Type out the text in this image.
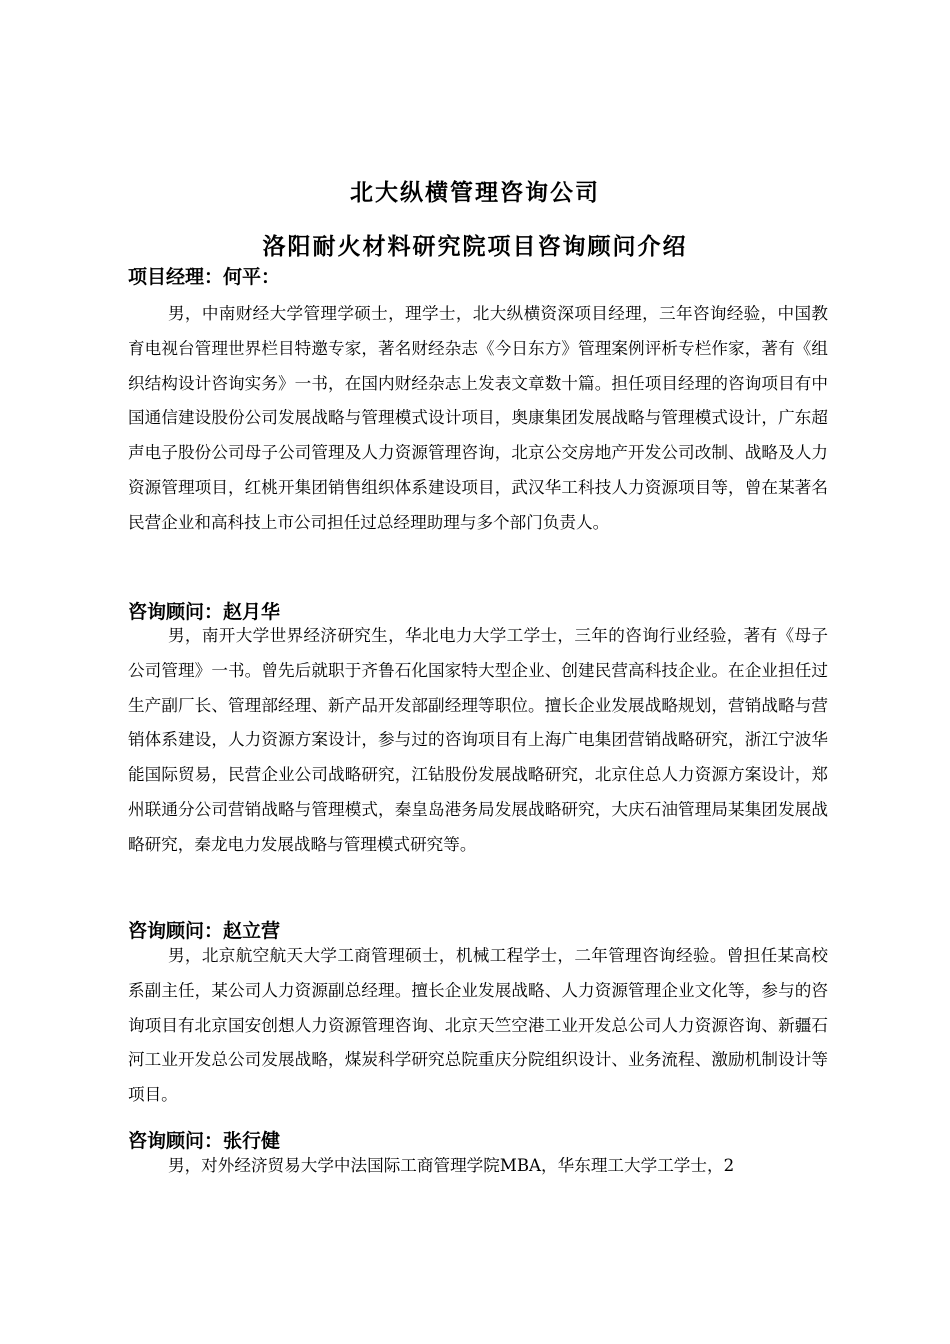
北大纵横管理咨询公司
洛阳耐火材料研究院项目咨询顾问介绍
项目经理：何平：

男，中南财经大学管理学硕士，理学士，北大纵横资深项目经理，三年咨询经验，中国教育电视台管理世界栏目特邀专家，著名财经杂志《今日东方》管理案例评析专栏作家，著有《组织结构设计咨询实务》一书，在国内财经杂志上发表文章数十篇。担任项目经理的咨询项目有中国通信建设股份公司发展战略与管理模式设计项目，奥康集团发展战略与管理模式设计，广东超声电子股份公司母子公司管理及人力资源管理咨询，北京公交房地产开发公司改制、战略及人力资源管理项目，红桃开集团销售组织体系建设项目，武汉华工科技人力资源项目等，曾在某著名民营企业和高科技上市公司担任过总经理助理与多个部门负责人。

咨询顾问：赵月华

男，南开大学世界经济研究生，华北电力大学工学士，三年的咨询行业经验，著有《母子公司管理》一书。曾先后就职于齐鲁石化国家特大型企业、创建民营高科技企业。在企业担任过生产副厂长、管理部经理、新产品开发部副经理等职位。擅长企业发展战略规划，营销战略与营销体系建设，人力资源方案设计，参与过的咨询项目有上海广电集团营销战略研究，浙江宁波华能国际贸易，民营企业公司战略研究，江钻股份发展战略研究，北京住总人力资源方案设计，郑州联通分公司营销战略与管理模式，秦皇岛港务局发展战略研究，大庆石油管理局某集团发展战略研究，秦龙电力发展战略与管理模式研究等。

咨询顾问：赵立营

男，北京航空航天大学工商管理硕士，机械工程学士，二年管理咨询经验。曾担任某高校系副主任，某公司人力资源副总经理。擅长企业发展战略、人力资源管理企业文化等，参与的咨询项目有北京国安创想人力资源管理咨询、北京天竺空港工业开发总公司人力资源咨询、新疆石河工业开发总公司发展战略，煤炭科学研究总院重庆分院组织设计、业务流程、激励机制设计等项目。

咨询顾问：张行健

男，对外经济贸易大学中法国际工商管理学院MBA，华东理工大学工学士，2
